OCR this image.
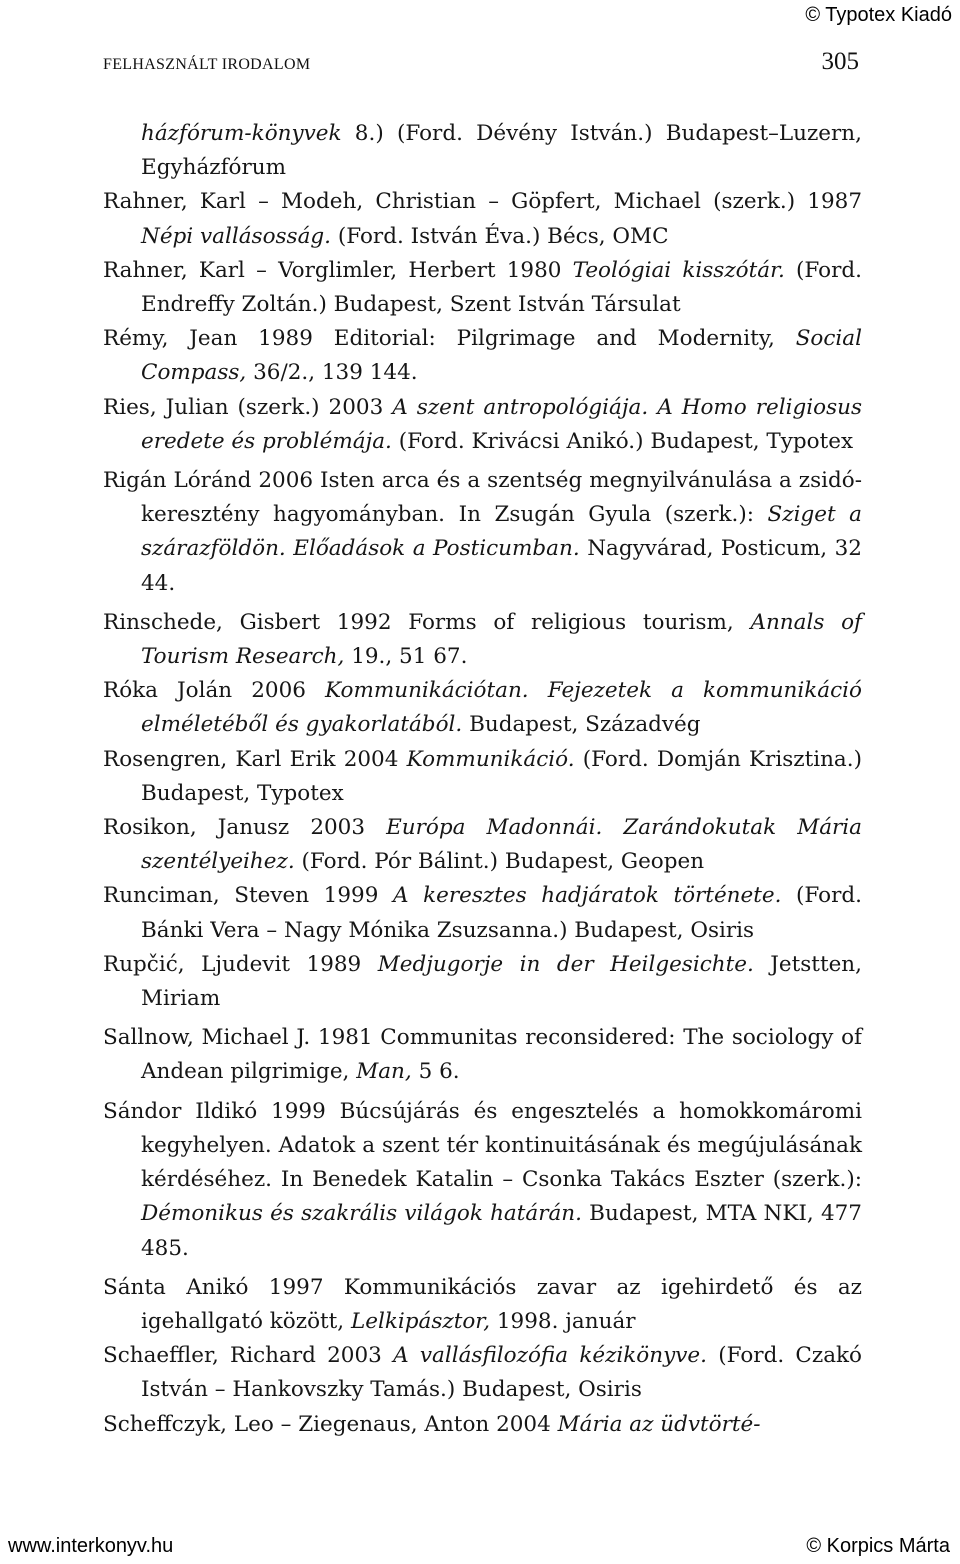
© Typotex Kiadó
FELHASZNÁLT IRODALOM	305
házfórum-könyvek 8.) (Ford. Dévény István.) Budapest–Luzern, Egyházfórum
Rahner, Karl – Modeh, Christian – Göpfert, Michael (szerk.) 1987 Népi vallásosság. (Ford. István Éva.) Bécs, OMC
Rahner, Karl – Vorglimler, Herbert 1980 Teológiai kisszótár. (Ford. Endreffy Zoltán.) Budapest, Szent István Társulat
Rémy, Jean 1989 Editorial: Pilgrimage and Modernity, Social Compass, 36/2., 139 144.
Ries, Julian (szerk.) 2003 A szent antropológiája. A Homo religiosus eredete és problémája. (Ford. Krivácsi Anikó.) Budapest, Typotex
Rigán Lóránd 2006 Isten arca és a szentség megnyilvánulása a zsidó-keresztény hagyományban. In Zsugán Gyula (szerk.): Sziget a szárazföldön. Előadások a Posticumban. Nagyvárad, Posticum, 32 44.
Rinschede, Gisbert 1992 Forms of religious tourism, Annals of Tourism Research, 19., 51 67.
Róka Jolán 2006 Kommunikációtan. Fejezetek a kommunikáció elméletéből és gyakorlatából. Budapest, Századvég
Rosengren, Karl Erik 2004 Kommunikáció. (Ford. Domján Krisztina.) Budapest, Typotex
Rosikon, Janusz 2003 Európa Madonnái. Zarándokutak Mária szentélyeihez. (Ford. Pór Bálint.) Budapest, Geopen
Runciman, Steven 1999 A keresztes hadjáratok története. (Ford. Bánki Vera – Nagy Mónika Zsuzsanna.) Budapest, Osiris
Rupčić, Ljudevit 1989 Medjugorje in der Heilgesichte. Jetstten, Miriam
Sallnow, Michael J. 1981 Communitas reconsidered: The sociology of Andean pilgrimige, Man, 5 6.
Sándor Ildikó 1999 Búcsújárás és engesztelés a homokkomáromi kegyhelyen. Adatok a szent tér kontinuitásának és megújulásának kérdéséhez. In Benedek Katalin – Csonka Takács Eszter (szerk.): Démonikus és szakrális világok határán. Budapest, MTA NKI, 477 485.
Sánta Anikó 1997 Kommunikációs zavar az igehirdető és az igehallgató között, Lelkipásztor, 1998. január
Schaeffler, Richard 2003 A vallásfilozófia kézikönyve. (Ford. Czakó István – Hankovszky Tamás.) Budapest, Osiris
Scheffczyk, Leo – Ziegenaus, Anton 2004 Mária az üdvtörté-
www.interkonyv.hu	© Korpics Márta
